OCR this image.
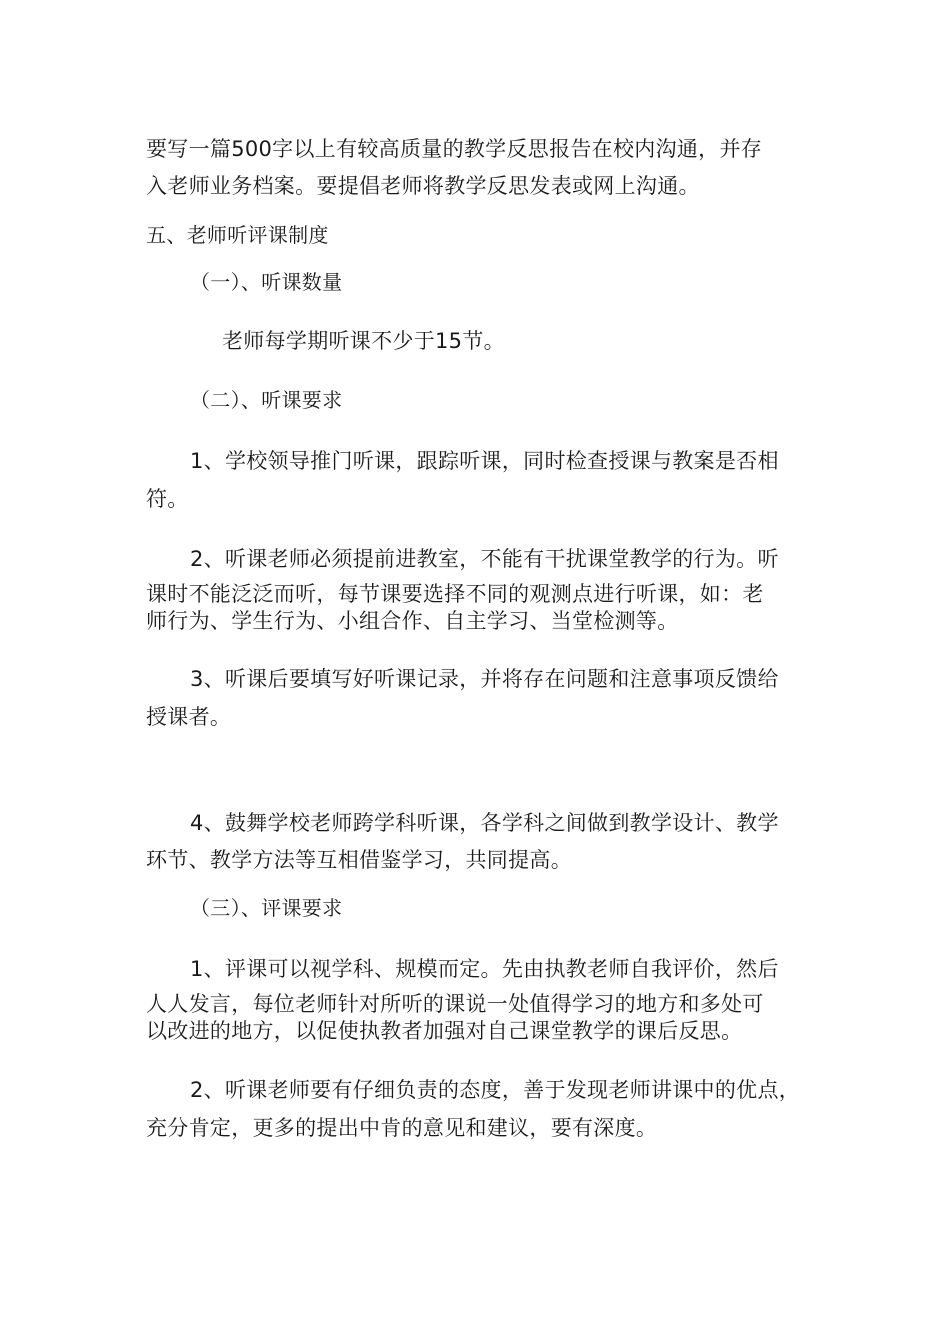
要写一篇500字以上有较高质量的教学反思报告在校内沟通，并存
入老师业务档案。要提倡老师将教学反思发表或网上沟通。
五、老师听评课制度
（一）、听课数量
老师每学期听课不少于15节。
（二）、听课要求
1、学校领导推门听课，跟踪听课，同时检查授课与教案是否相
符。
2、听课老师必须提前进教室，不能有干扰课堂教学的行为。听
课时不能泛泛而听，每节课要选择不同的观测点进行听课，如：老
师行为、学生行为、小组合作、自主学习、当堂检测等。
3、听课后要填写好听课记录，并将存在问题和注意事项反馈给
授课者。
4、鼓舞学校老师跨学科听课，各学科之间做到教学设计、教学
环节、教学方法等互相借鉴学习，共同提高。
（三）、评课要求
1、评课可以视学科、规模而定。先由执教老师自我评价，然后
人人发言，每位老师针对所听的课说一处值得学习的地方和多处可
以改进的地方，以促使执教者加强对自己课堂教学的课后反思。
2、听课老师要有仔细负责的态度，善于发现老师讲课中的优点，
充分肯定，更多的提出中肯的意见和建议，要有深度。
